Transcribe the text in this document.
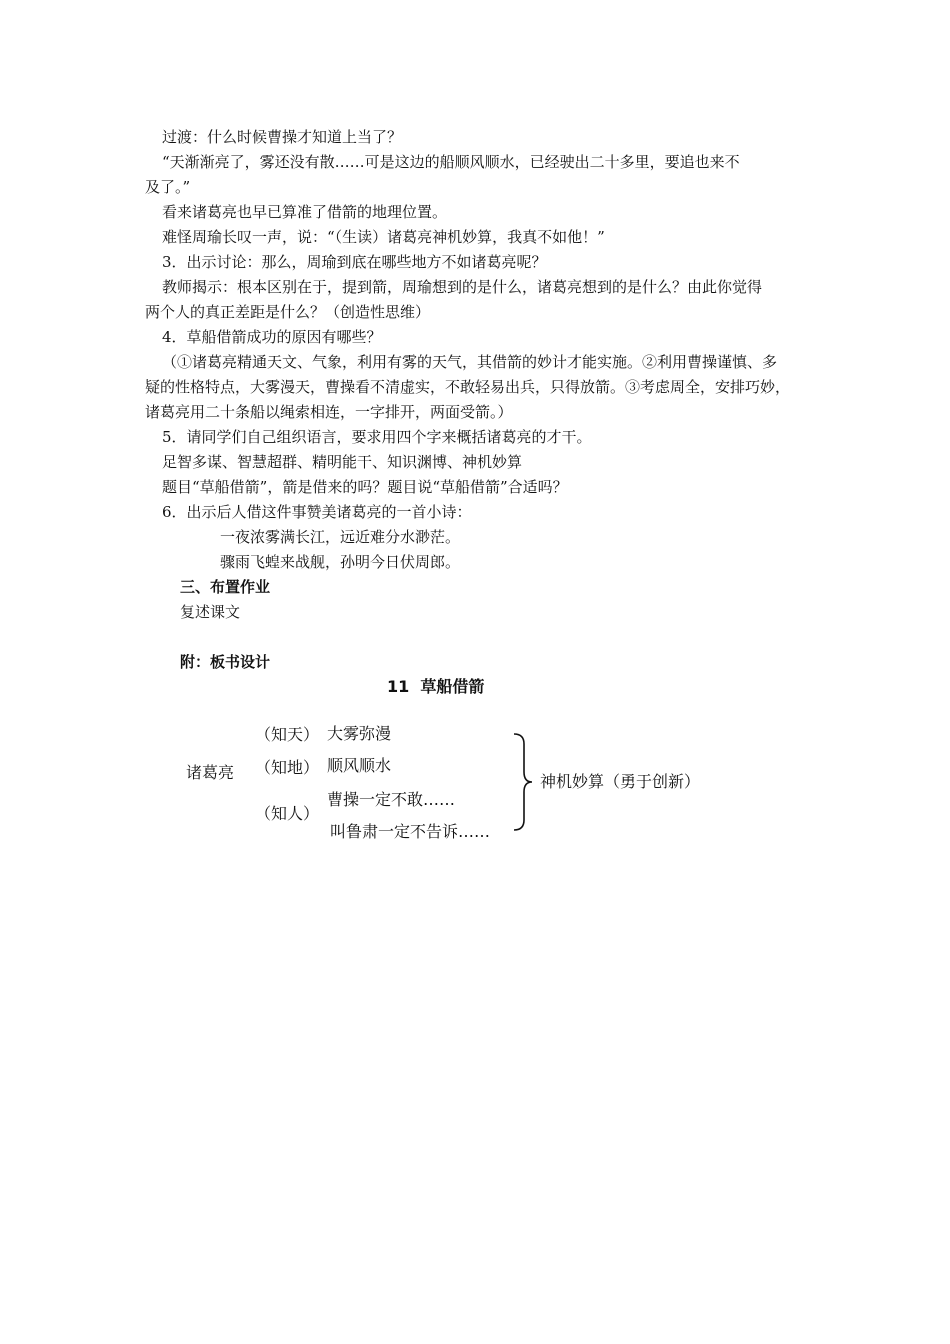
过渡：什么时候曹操才知道上当了？
“天渐渐亮了，雾还没有散……可是这边的船顺风顺水，已经驶出二十多里，要追也来不
及了。”
看来诸葛亮也早已算准了借箭的地理位置。
难怪周瑜长叹一声，说：“（生读）诸葛亮神机妙算，我真不如他！”
3．出示讨论：那么，周瑜到底在哪些地方不如诸葛亮呢？
教师揭示：根本区别在于，提到箭，周瑜想到的是什么，诸葛亮想到的是什么？由此你觉得
两个人的真正差距是什么？（创造性思维）
4．草船借箭成功的原因有哪些？
（①诸葛亮精通天文、气象，利用有雾的天气，其借箭的妙计才能实施。②利用曹操谨慎、多
疑的性格特点，大雾漫天，曹操看不清虚实，不敢轻易出兵，只得放箭。③考虑周全，安排巧妙，
诸葛亮用二十条船以绳索相连，一字排开，两面受箭。）
5．请同学们自己组织语言，要求用四个字来概括诸葛亮的才干。
足智多谋、智慧超群、精明能干、知识渊博、神机妙算
题目“草船借箭”，箭是借来的吗？题目说“草船借箭”合适吗？
6．出示后人借这件事赞美诸葛亮的一首小诗：
一夜浓雾满长江，远近难分水渺茫。
骤雨飞蝗来战舰，孙明今日伏周郎。
三、布置作业
复述课文
附：板书设计
11  草船借箭
诸葛亮
（知天） 大雾弥漫
（知地） 顺风顺水
（知人）
曹操一定不敢……
叫鲁肃一定不告诉……
神机妙算（勇于创新）
